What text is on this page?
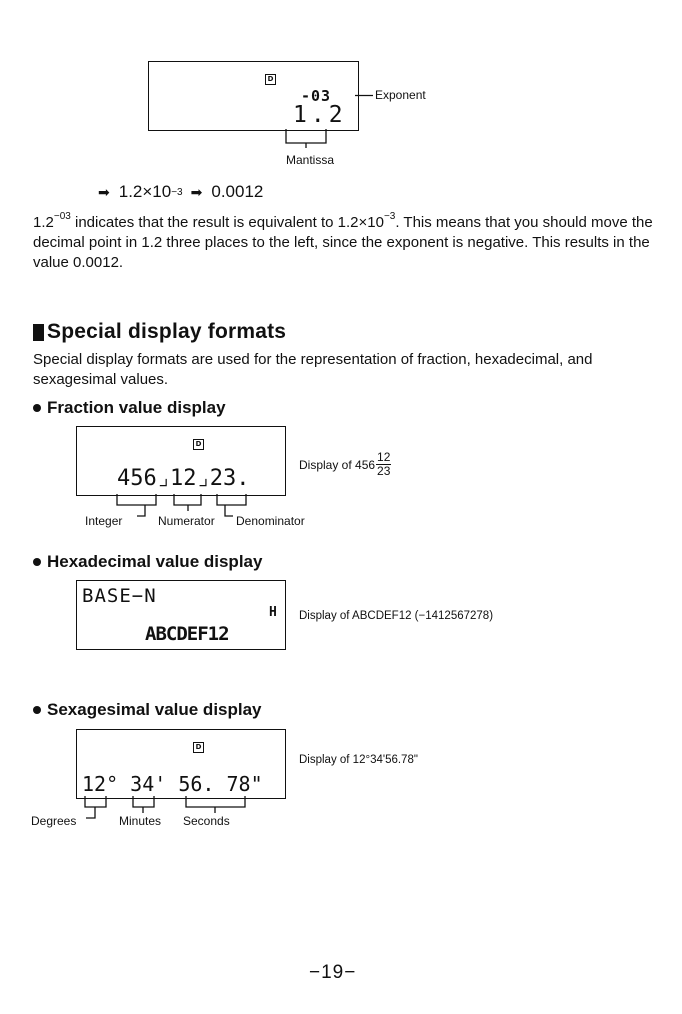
D
-03
1.2
Exponent
Mantissa
➡ $1.2\times 10^{-3}$ ➡ 0.0012
$1.2^{-03}$ indicates that the result is equivalent to $1.2\times 10^{-3}$. This means that you should move the decimal point in 1.2 three places to the left, since the exponent is negative. This results in the value 0.0012.
Special display formats
Special display formats are used for the representation of fraction, hexadecimal, and sexagesimal values.
Fraction value display
D
456⌟12⌟23.
Display of $456 \frac{12}{23}$
Integer	Numerator Denominator
Hexadecimal value display
BASE−N
H
ABCDEF12
Display of ABCDEF12 (−1412567278)
Sexagesimal value display
D
12° 34' 56. 78"
Display of 12°34'56.78"
Degrees	Minutes Seconds
−19−
